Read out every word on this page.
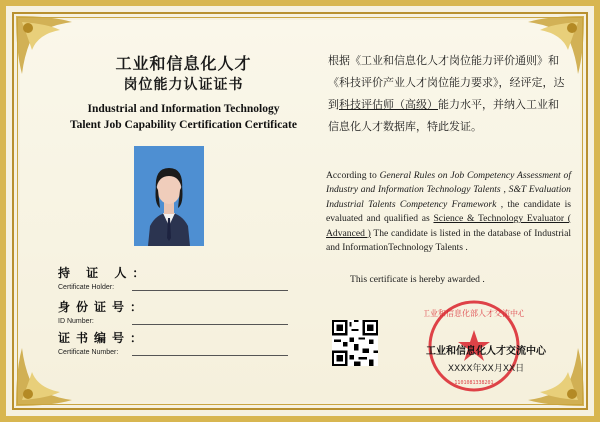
工业和信息化人才
岗位能力认证证书
Industrial and Information Technology
Talent Job Capability Certification Certificate
持 证 人：
Certificate Holder:
身份证号：
ID Number:
证书编号：
Certificate Number:

根据《工业和信息化人才岗位能力评价通则》和《科技评价产业人才岗位能力要求》，经评定，达到科技评估师（高级）能力水平，并纳入工业和信息化人才数据库，特此发证。

According to General Rules on Job Competency Assessment of Industry and Information Technology Talents , S&T Evaluation Industrial Talents Competency Framework , the candidate is evaluated and qualified as Science & Technology Evaluator ( Advanced ) The candidate is listed in the database of Industrial and InformationTechnology Talents .

This certificate is hereby awarded .
工业和信息化部人才交流中心
1101081338201
工业和信息化人才交流中心
XXXX年XX月XX日
